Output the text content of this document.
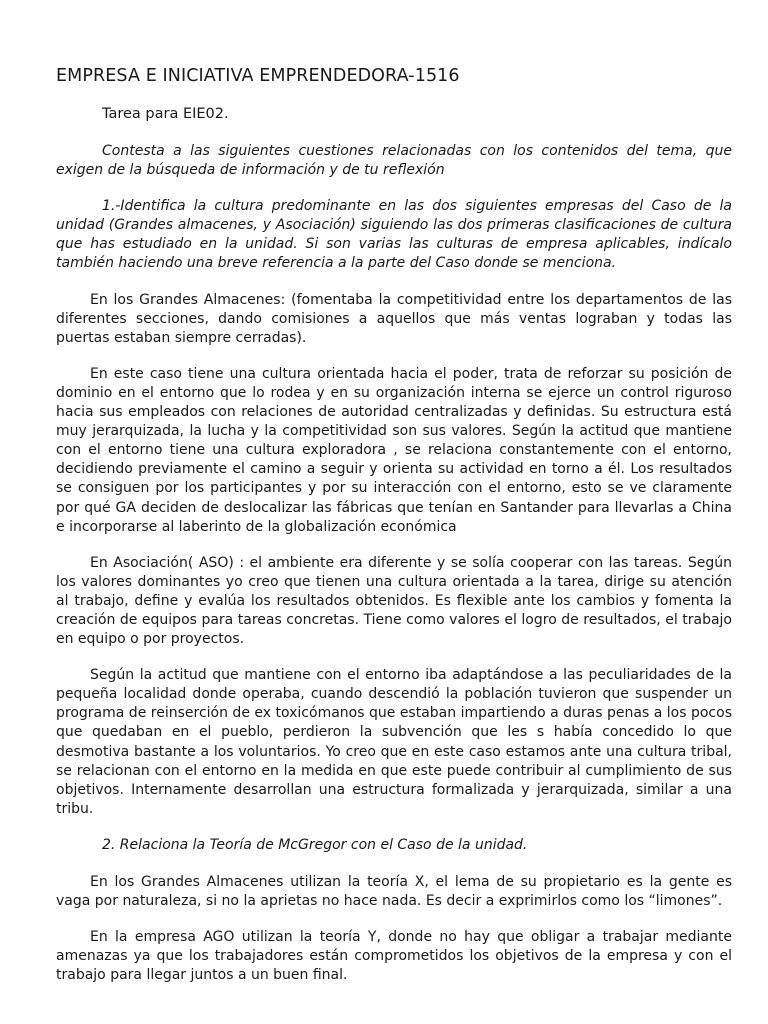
EMPRESA E INICIATIVA EMPRENDEDORA-1516
Tarea para EIE02.

Contesta a las siguientes cuestiones relacionadas con los contenidos del tema, que exigen de la búsqueda de información y de tu reflexión

1.-Identifica la cultura predominante en las dos siguientes empresas del Caso de la unidad (Grandes almacenes, y Asociación) siguiendo las dos primeras clasificaciones de cultura que has estudiado en la unidad. Si son varias las culturas de empresa aplicables, indícalo también haciendo una breve referencia a la parte del Caso donde se menciona.

En los Grandes Almacenes: (fomentaba la competitividad entre los departamentos de las diferentes secciones, dando comisiones a aquellos que más ventas lograban y todas las puertas estaban siempre cerradas).

En este caso tiene una cultura orientada hacia el poder, trata de reforzar su posición de dominio en el entorno que lo rodea y en su organización interna se ejerce un control riguroso hacia sus empleados con relaciones de autoridad centralizadas y definidas. Su estructura está muy jerarquizada, la lucha y la competitividad son sus valores. Según la actitud que mantiene con el entorno tiene una cultura exploradora , se relaciona constantemente con el entorno, decidiendo previamente el camino a seguir y orienta su actividad en torno a él. Los resultados se consiguen por los participantes y por su interacción con el entorno, esto se ve claramente por qué GA deciden de deslocalizar las fábricas que tenían en Santander para llevarlas a China e incorporarse al laberinto de la globalización económica

En Asociación( ASO) : el ambiente era diferente y se solía cooperar con las tareas. Según los valores dominantes yo creo que tienen una cultura orientada a la tarea, dirige su atención al trabajo, define y evalúa los resultados obtenidos. Es flexible ante los cambios y fomenta la creación de equipos para tareas concretas. Tiene como valores el logro de resultados, el trabajo en equipo o por proyectos.

Según la actitud que mantiene con el entorno iba adaptándose a las peculiaridades de la pequeña localidad donde operaba, cuando descendió la población tuvieron que suspender un programa de reinserción de ex toxicómanos que estaban impartiendo a duras penas a los pocos que quedaban en el pueblo, perdieron la subvención que les s había concedido lo que desmotiva bastante a los voluntarios. Yo creo que en este caso estamos ante una cultura tribal, se relacionan con el entorno en la medida en que este puede contribuir al cumplimiento de sus objetivos. Internamente desarrollan una estructura formalizada y jerarquizada, similar a una tribu.

2. Relaciona la Teoría de McGregor con el Caso de la unidad.

En los Grandes Almacenes utilizan la teoría X, el lema de su propietario es la gente es vaga por naturaleza, si no la aprietas no hace nada. Es decir a exprimirlos como los “limones”.

En la empresa AGO utilizan la teoría Y, donde no hay que obligar a trabajar mediante amenazas ya que los trabajadores están comprometidos los objetivos de la empresa y con el trabajo para llegar juntos a un buen final.
